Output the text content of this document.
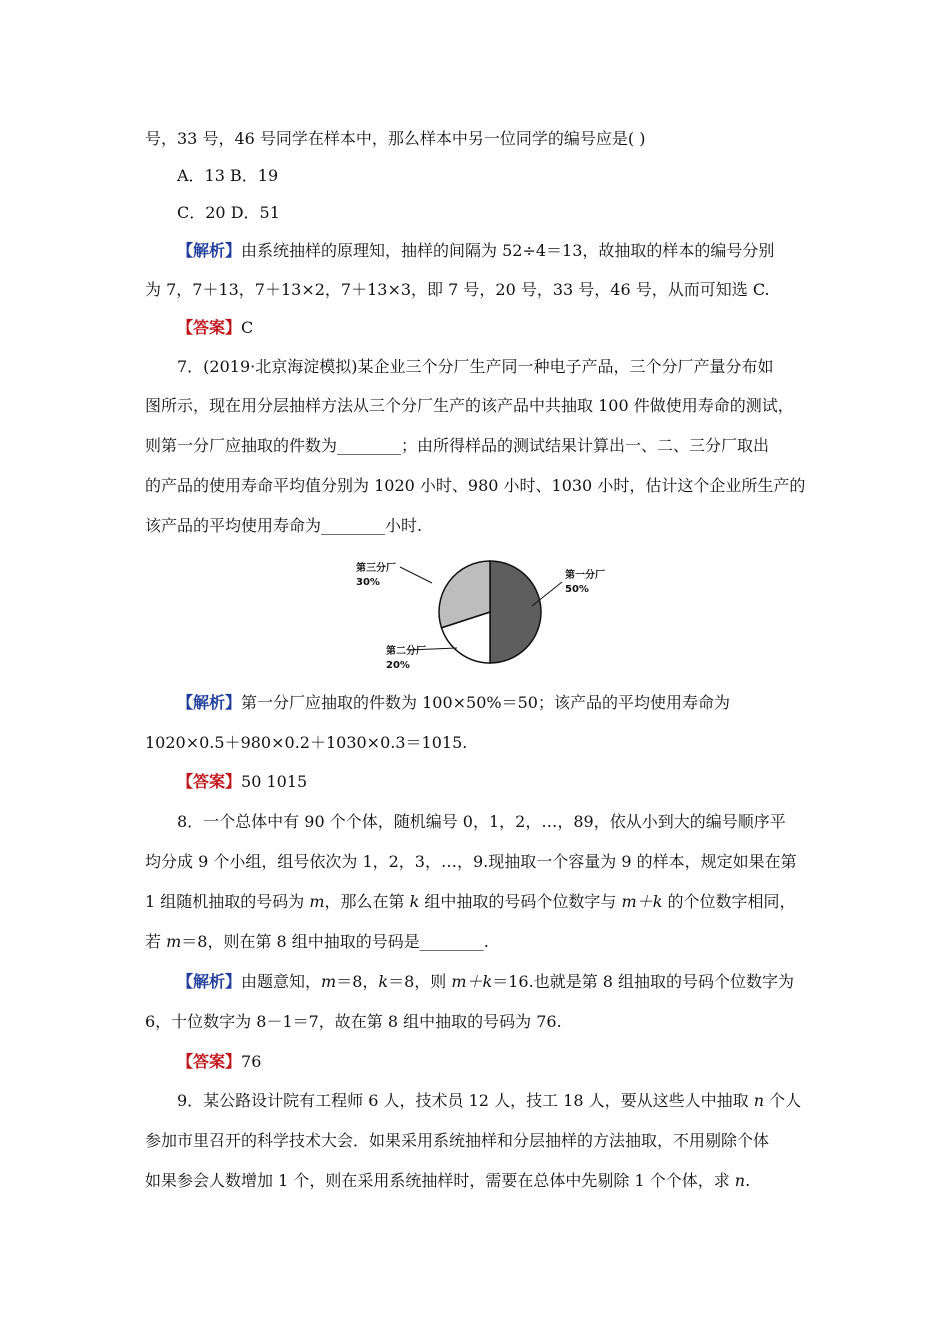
号，33 号，46 号同学在样本中，那么样本中另一位同学的编号应是( )
A．13 B．19
C．20 D．51
【解析】由系统抽样的原理知，抽样的间隔为 52÷4＝13，故抽取的样本的编号分别
为 7，7＋13，7＋13×2，7＋13×3，即 7 号，20 号，33 号，46 号，从而可知选 C.
【答案】C
7．(2019·北京海淀模拟)某企业三个分厂生产同一种电子产品，三个分厂产量分布如
图所示，现在用分层抽样方法从三个分厂生产的该产品中共抽取 100 件做使用寿命的测试，
则第一分厂应抽取的件数为________；由所得样品的测试结果计算出一、二、三分厂取出
的产品的使用寿命平均值分别为 1020 小时、980 小时、1030 小时，估计这个企业所生产的
该产品的平均使用寿命为________小时.
第一分厂
50%
第二分厂
20%
第三分厂
30%
【解析】第一分厂应抽取的件数为 100×50%＝50；该产品的平均使用寿命为
1020×0.5＋980×0.2＋1030×0.3＝1015.
【答案】50 1015
8．一个总体中有 90 个个体，随机编号 0，1，2，…，89，依从小到大的编号顺序平
均分成 9 个小组，组号依次为 1，2，3，…，9.现抽取一个容量为 9 的样本，规定如果在第
1 组随机抽取的号码为 m，那么在第 k 组中抽取的号码个位数字与 m＋k 的个位数字相同，
若 m＝8，则在第 8 组中抽取的号码是________.
【解析】由题意知，m＝8，k＝8，则 m＋k＝16.也就是第 8 组抽取的号码个位数字为
6，十位数字为 8－1＝7，故在第 8 组中抽取的号码为 76.
【答案】76
9．某公路设计院有工程师 6 人，技术员 12 人，技工 18 人，要从这些人中抽取 n 个人
参加市里召开的科学技术大会．如果采用系统抽样和分层抽样的方法抽取，不用剔除个体
如果参会人数增加 1 个，则在采用系统抽样时，需要在总体中先剔除 1 个个体，求 n.
